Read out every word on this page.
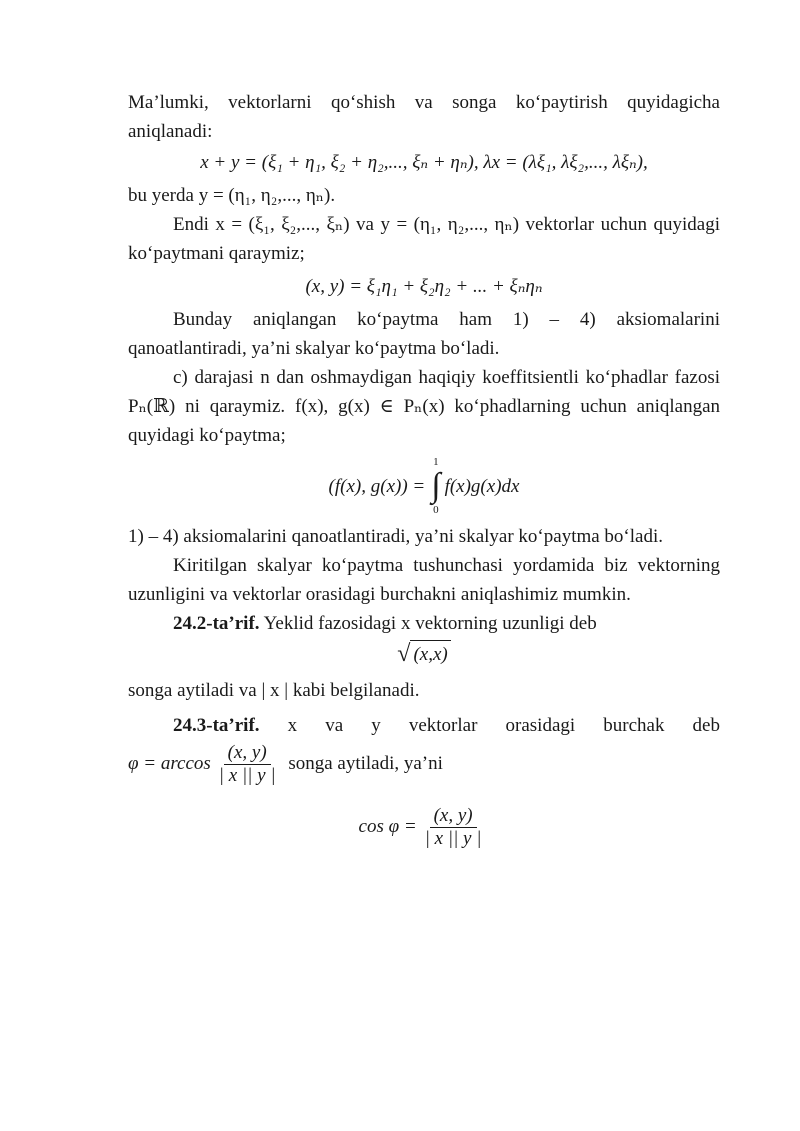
Ma’lumki, vektorlarni qo‘shish va songa ko‘paytirish quyidagicha aniqlanadi:

x + y = (ξ₁ + η₁, ξ₂ + η₂,..., ξₙ + ηₙ), λx = (λξ₁, λξ₂,..., λξₙ),

bu yerda y = (η₁, η₂,..., ηₙ).

Endi x = (ξ₁, ξ₂,..., ξₙ) va y = (η₁, η₂,..., ηₙ) vektorlar uchun quyidagi ko‘paytmani qaraymiz;

(x, y) = ξ₁η₁ + ξ₂η₂ + ... + ξₙηₙ

Bunday aniqlangan ko‘paytma ham 1) – 4) aksiomalarini qanoatlantiradi, ya’ni skalyar ko‘paytma bo‘ladi.

c) darajasi n dan oshmaydigan haqiqiy koeffitsientli ko‘phadlar fazosi Pₙ(ℝ) ni qaraymiz. f(x), g(x) ∈ Pₙ(x) ko‘phadlarning uchun aniqlangan quyidagi ko‘paytma;

(f(x), g(x)) =
1
∫
0
f(x)g(x)dx

1) – 4) aksiomalarini qanoatlantiradi, ya’ni skalyar ko‘paytma bo‘ladi.

Kiritilgan skalyar ko‘paytma tushunchasi yordamida biz vektorning uzunligini va vektorlar orasidagi burchakni aniqlashimiz mumkin.

24.2-ta’rif. Yeklid fazosidagi x vektorning uzunligi deb

√ (x,x)

songa aytiladi va | x | kabi belgilanadi.

24.3-ta’rif. x va y vektorlar orasidagi burchak deb

$\varphi = \arccos \frac{(x, y)}{| x || y |}$ songa aytiladi, ya’ni
$\cos \varphi = \frac{(x, y)}{| x || y |}$
